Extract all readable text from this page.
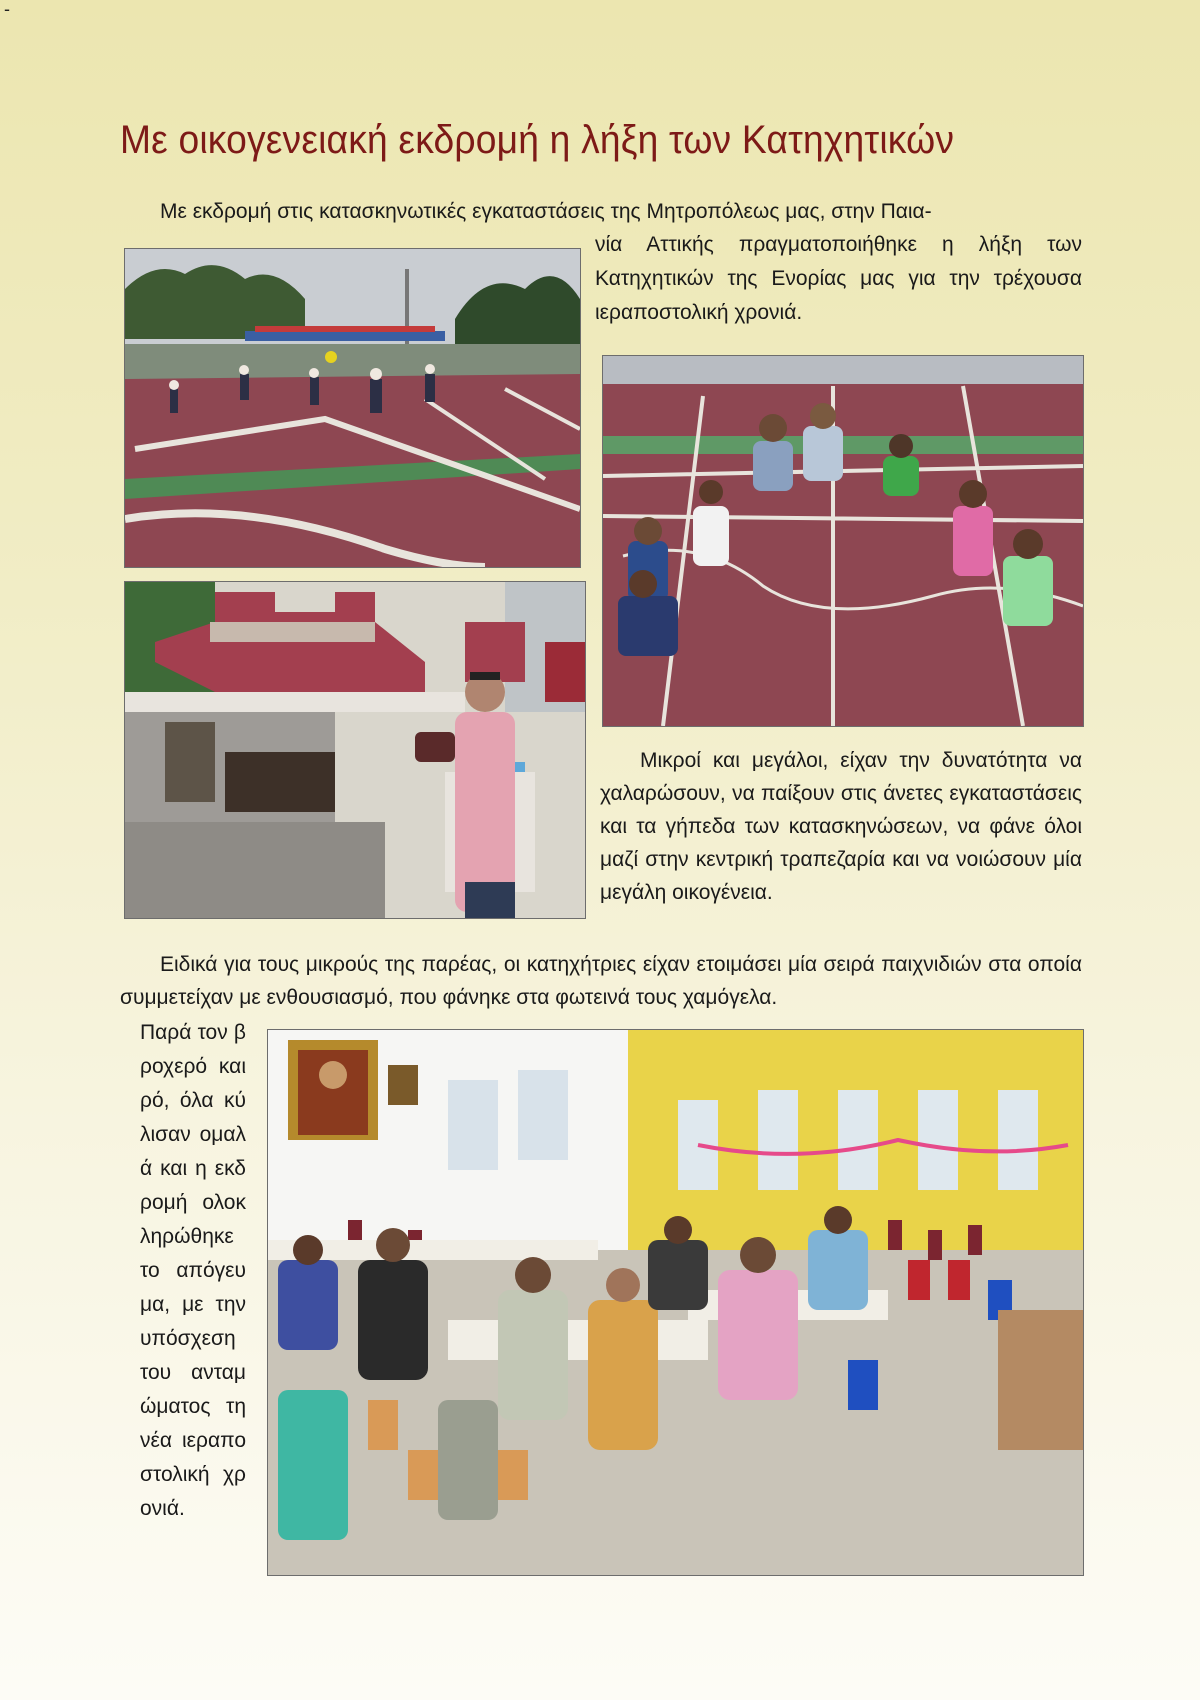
-
Με οικογενειακή εκδρομή η λήξη των Κατηχητικών

Με εκδρομή στις κατασκηνωτικές εγκαταστάσεις της Μητροπόλεως μας, στην Παια-

νία Αττικής πραγματοποιήθηκε η λήξη των Κατηχητικών της Ενορίας μας για την τρέχουσα ιεραποστολική χρονιά.

Μικροί και μεγάλοι, είχαν την δυνατότητα να χαλαρώσουν, να παίξουν στις άνετες εγκαταστάσεις και τα γήπεδα των κατασκηνώσεων, να φάνε όλοι μαζί στην κεντρική τραπεζαρία και να νοιώσουν μία μεγάλη οικογένεια.

Ειδικά για τους μικρούς της παρέας, οι κατηχήτριες είχαν ετοιμάσει μία σειρά παιχνιδιών στα οποία συμμετείχαν με ενθουσιασμό, που φάνηκε στα φωτεινά τους χαμόγελα.

Παρά τον βροχερό καιρό, όλα κύλισαν ομαλά και η εκδρομή ολοκληρώθηκε το απόγευμα, με την υπόσχεση του ανταμώματος τη νέα ιεραποστολική χρονιά.
